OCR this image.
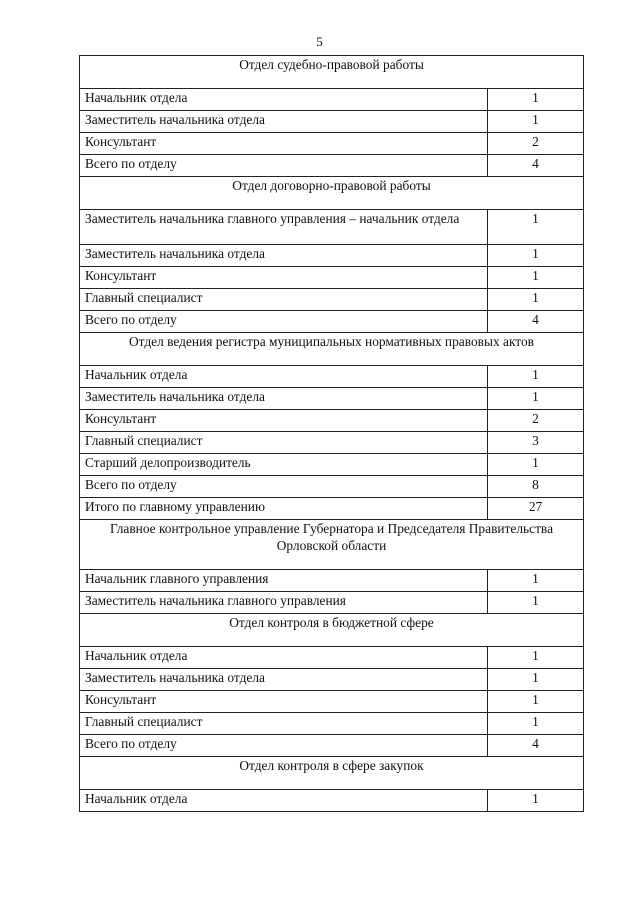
5
Отдел судебно-правовой работы	
Начальник отдела	1
Заместитель начальника отдела	1
Консультант	2
Всего по отделу	4
Отдел договорно-правовой работы	
Заместитель начальника главного управления – начальник отдела	1
Заместитель начальника отдела	1
Консультант	1
Главный специалист	1
Всего по отделу	4
Отдел ведения регистра муниципальных нормативных правовых актов	
Начальник отдела	1
Заместитель начальника отдела	1
Консультант	2
Главный специалист	3
Старший делопроизводитель	1
Всего по отделу	8
Итого по главному управлению	27
Главное контрольное управление Губернатора и Председателя Правительства Орловской области	
Начальник главного управления	1
Заместитель начальника главного управления	1
Отдел контроля в бюджетной сфере	
Начальник отдела	1
Заместитель начальника отдела	1
Консультант	1
Главный специалист	1
Всего по отделу	4
Отдел контроля в сфере закупок	
Начальник отдела	1
